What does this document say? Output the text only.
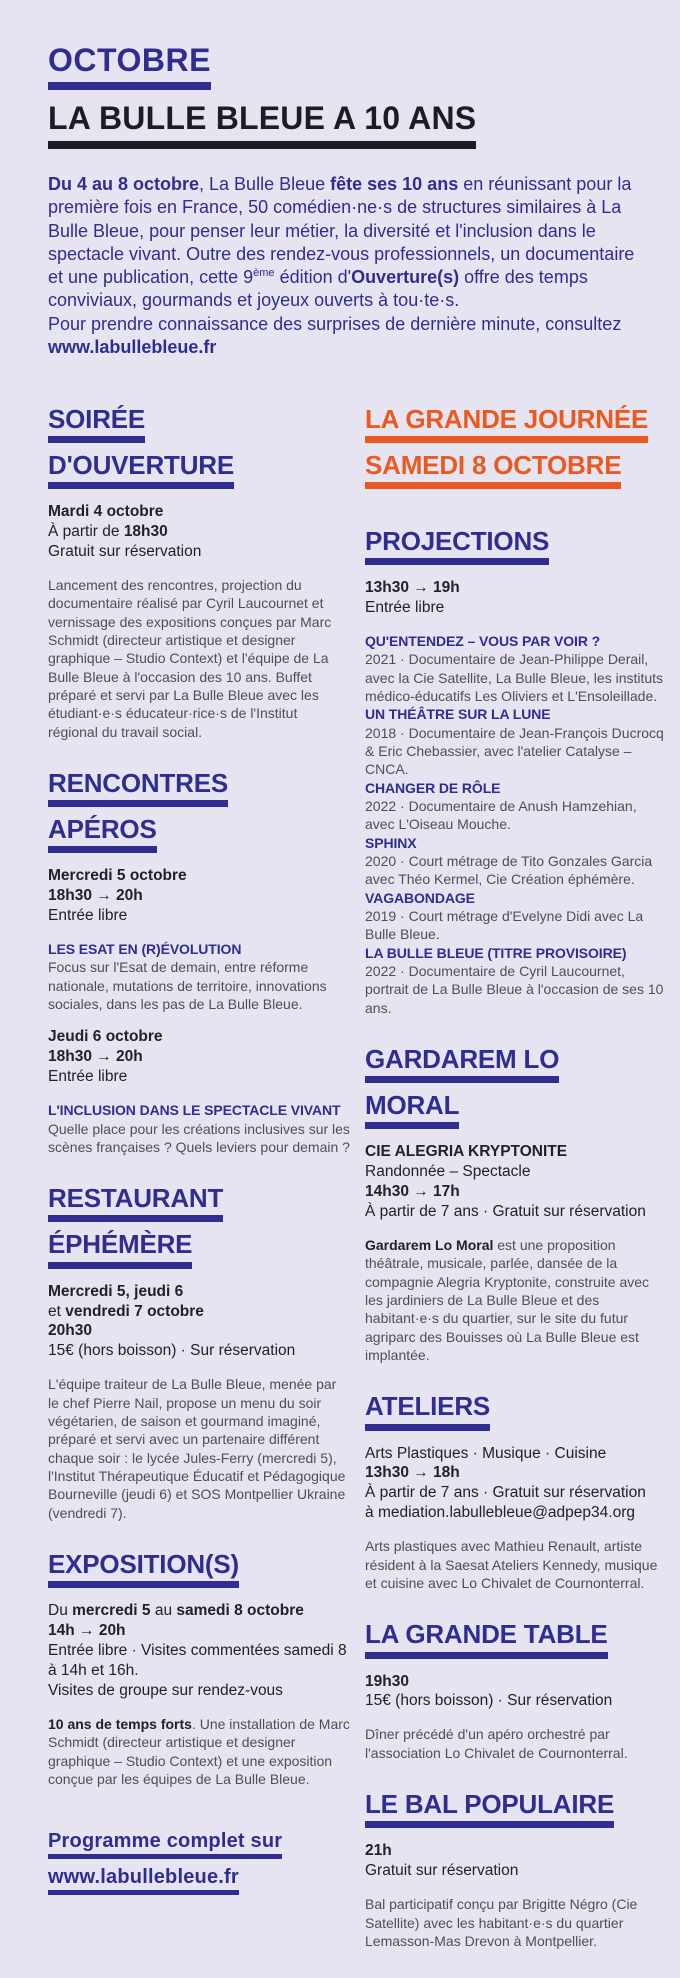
OCTOBRE
LA BULLE BLEUE A 10 ANS

Du 4 au 8 octobre, La Bulle Bleue fête ses 10 ans en réunissant pour la première fois en France, 50 comédien·ne·s de structures similaires à La Bulle Bleue, pour penser leur métier, la diversité et l'inclusion dans le spectacle vivant. Outre des rendez-vous professionnels, un documentaire et une publication, cette 9ème édition d'Ouverture(s) offre des temps conviviaux, gourmands et joyeux ouverts à tou·te·s.
Pour prendre connaissance des surprises de dernière minute, consultez
www.labullebleue.fr

SOIRÉE
D'OUVERTURE

Mardi 4 octobre
À partir de 18h30
Gratuit sur réservation

Lancement des rencontres, projection du documentaire réalisé par Cyril Laucournet et vernissage des expositions conçues par Marc Schmidt (directeur artistique et designer graphique – Studio Context) et l'équipe de La Bulle Bleue à l'occasion des 10 ans. Buffet préparé et servi par La Bulle Bleue avec les étudiant·e·s éducateur·rice·s de l'Institut régional du travail social.

RENCONTRES
APÉROS

Mercredi 5 octobre
18h30 → 20h
Entrée libre

LES ESAT EN (R)ÉVOLUTION

Focus sur l'Esat de demain, entre réforme nationale, mutations de territoire, innovations sociales, dans les pas de La Bulle Bleue.

Jeudi 6 octobre
18h30 → 20h
Entrée libre

L'INCLUSION DANS LE SPECTACLE VIVANT

Quelle place pour les créations inclusives sur les scènes françaises ? Quels leviers pour demain ?

RESTAURANT
ÉPHÉMÈRE

Mercredi 5, jeudi 6
et vendredi 7 octobre
20h30
15€ (hors boisson) · Sur réservation

L'équipe traiteur de La Bulle Bleue, menée par le chef Pierre Nail, propose un menu du soir végétarien, de saison et gourmand imaginé, préparé et servi avec un partenaire différent chaque soir : le lycée Jules-Ferry (mercredi 5), l'Institut Thérapeutique Éducatif et Pédagogique Bourneville (jeudi 6) et SOS Montpellier Ukraine (vendredi 7).

EXPOSITION(S)

Du mercredi 5 au samedi 8 octobre
14h → 20h
Entrée libre · Visites commentées samedi 8 à 14h et 16h.
Visites de groupe sur rendez-vous

10 ans de temps forts. Une installation de Marc Schmidt (directeur artistique et designer graphique – Studio Context) et une exposition conçue par les équipes de La Bulle Bleue.

Programme complet sur
www.labullebleue.fr
LA GRANDE JOURNÉE
SAMEDI 8 OCTOBRE
PROJECTIONS

13h30 → 19h
Entrée libre

QU'ENTENDEZ – VOUS PAR VOIR ?

2021 · Documentaire de Jean-Philippe Derail, avec la Cie Satellite, La Bulle Bleue, les instituts médico-éducatifs Les Oliviers et L'Ensoleillade.

UN THÉÂTRE SUR LA LUNE

2018 · Documentaire de Jean-François Ducrocq & Eric Chebassier, avec l'atelier Catalyse – CNCA.

CHANGER DE RÔLE

2022 · Documentaire de Anush Hamzehian, avec L'Oiseau Mouche.

SPHINX

2020 · Court métrage de Tito Gonzales Garcia avec Théo Kermel, Cie Création éphémère.

VAGABONDAGE

2019 · Court métrage d'Evelyne Didi avec La Bulle Bleue.

LA BULLE BLEUE (TITRE PROVISOIRE)

2022 · Documentaire de Cyril Laucournet, portrait de La Bulle Bleue à l'occasion de ses 10 ans.

GARDAREM LO
MORAL

CIE ALEGRIA KRYPTONITE
Randonnée – Spectacle
14h30 → 17h
À partir de 7 ans · Gratuit sur réservation

Gardarem Lo Moral est une proposition théâtrale, musicale, parlée, dansée de la compagnie Alegria Kryptonite, construite avec les jardiniers de La Bulle Bleue et des habitant·e·s du quartier, sur le site du futur agriparc des Bouisses où La Bulle Bleue est implantée.

ATELIERS

Arts Plastiques · Musique · Cuisine
13h30 → 18h
À partir de 7 ans · Gratuit sur réservation
à mediation.labullebleue@adpep34.org

Arts plastiques avec Mathieu Renault, artiste résident à la Saesat Ateliers Kennedy, musique et cuisine avec Lo Chivalet de Cournonterral.

LA GRANDE TABLE

19h30
15€ (hors boisson) · Sur réservation

Dîner précédé d'un apéro orchestré par l'association Lo Chivalet de Cournonterral.

LE BAL POPULAIRE

21h
Gratuit sur réservation

Bal participatif conçu par Brigitte Négro (Cie Satellite) avec les habitant·e·s du quartier Lemasson-Mas Drevon à Montpellier.
